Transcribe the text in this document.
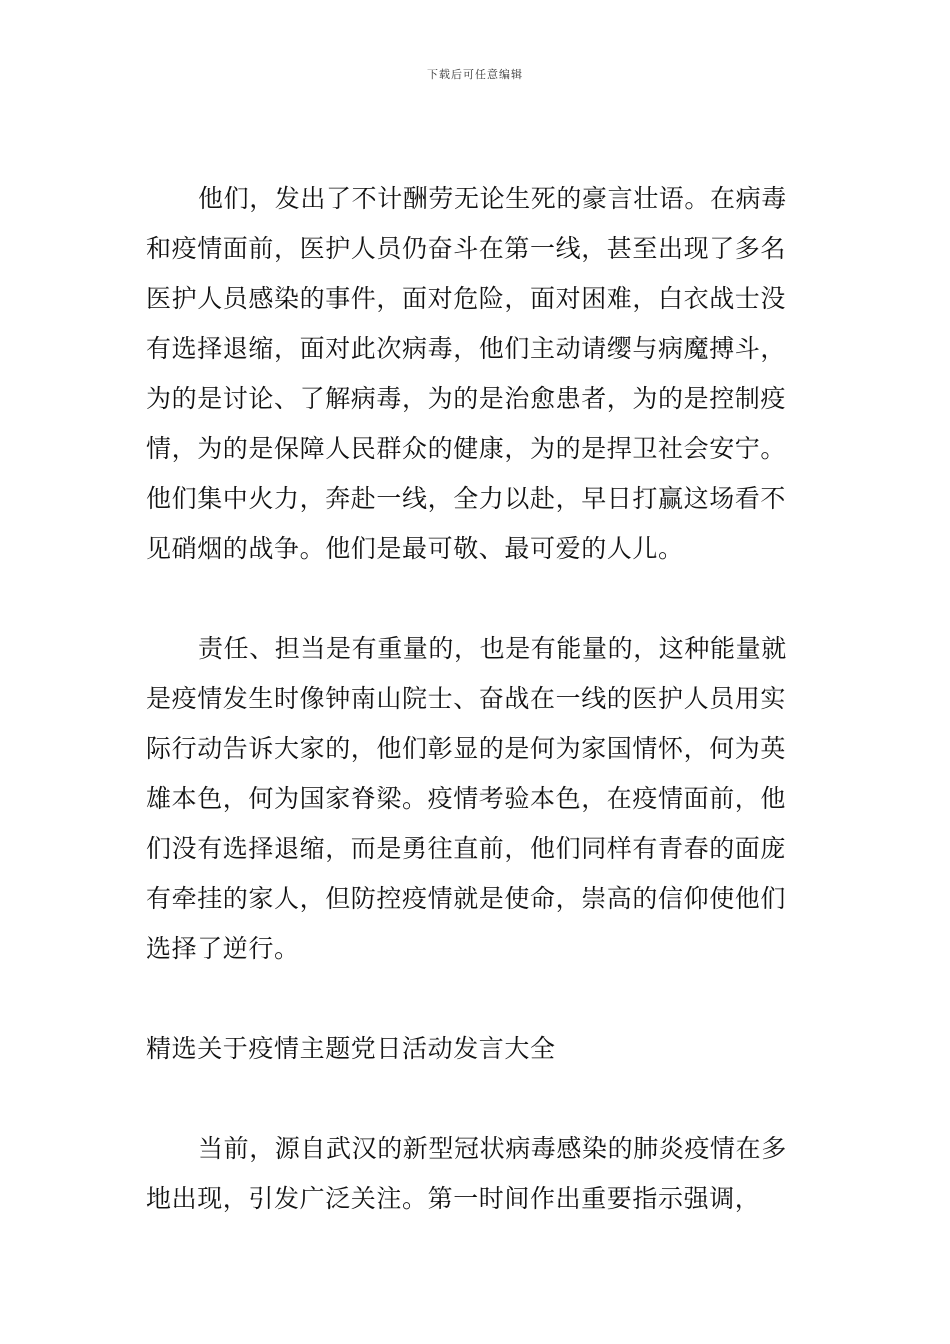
下载后可任意编辑
他们，发出了不计酬劳无论生死的豪言壮语。在病毒
和疫情面前，医护人员仍奋斗在第一线，甚至出现了多名
医护人员感染的事件，面对危险，面对困难，白衣战士没
有选择退缩，面对此次病毒，他们主动请缨与病魔搏斗，
为的是讨论、了解病毒，为的是治愈患者，为的是控制疫
情，为的是保障人民群众的健康，为的是捍卫社会安宁。
他们集中火力，奔赴一线，全力以赴，早日打赢这场看不
见硝烟的战争。他们是最可敬、最可爱的人儿。
责任、担当是有重量的，也是有能量的，这种能量就
是疫情发生时像钟南山院士、奋战在一线的医护人员用实
际行动告诉大家的，他们彰显的是何为家国情怀，何为英
雄本色，何为国家脊梁。疫情考验本色，在疫情面前，他
们没有选择退缩，而是勇往直前，他们同样有青春的面庞
有牵挂的家人，但防控疫情就是使命，崇高的信仰使他们
选择了逆行。
精选关于疫情主题党日活动发言大全
当前，源自武汉的新型冠状病毒感染的肺炎疫情在多
地出现，引发广泛关注。第一时间作出重要指示强调，
